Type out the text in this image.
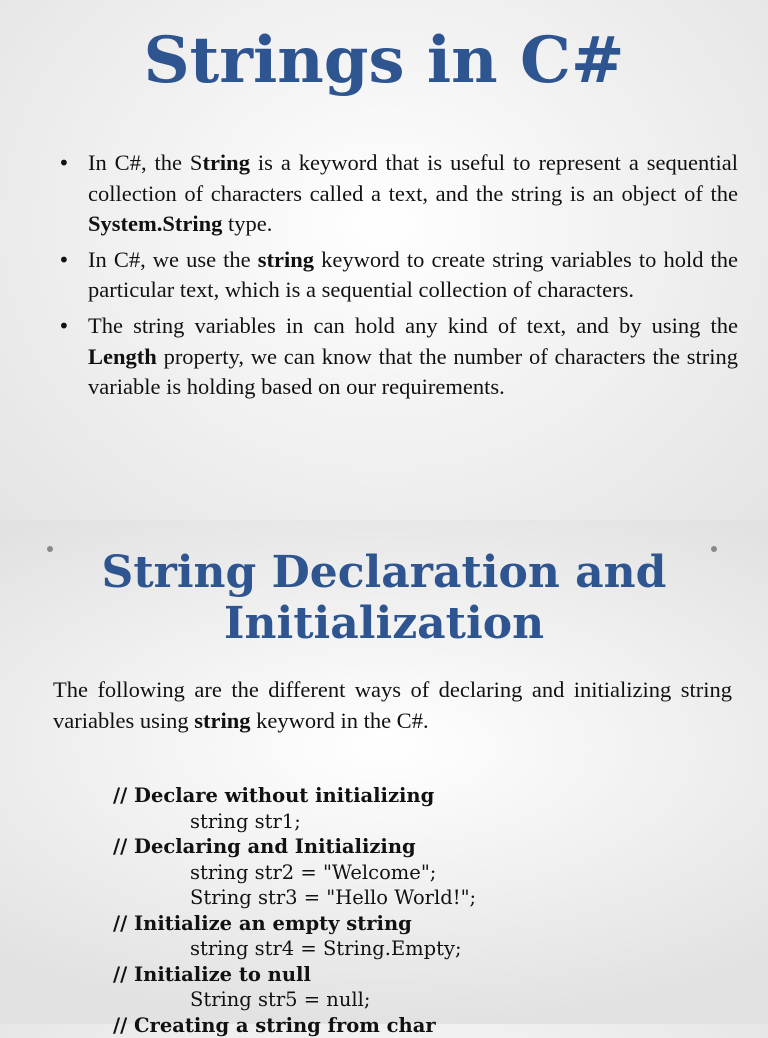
Strings in C#
• In C#, the String is a keyword that is useful to represent a sequential collection of characters called a text, and the string is an object of the System.String type.
• In C#, we use the string keyword to create string variables to hold the particular text, which is a sequential collection of characters.
• The string variables in can hold any kind of text, and by using the Length property, we can know that the number of characters the string variable is holding based on our requirements.
String Declaration and
Initialization

The following are the different ways of declaring and initializing string variables using string keyword in the C#.

// Declare without initializing
string str1;
// Declaring and Initializing
string str2 = "Welcome";
String str3 = "Hello World!";
// Initialize an empty string
string str4 = String.Empty;
// Initialize to null
String str5 = null;
// Creating a string from char
